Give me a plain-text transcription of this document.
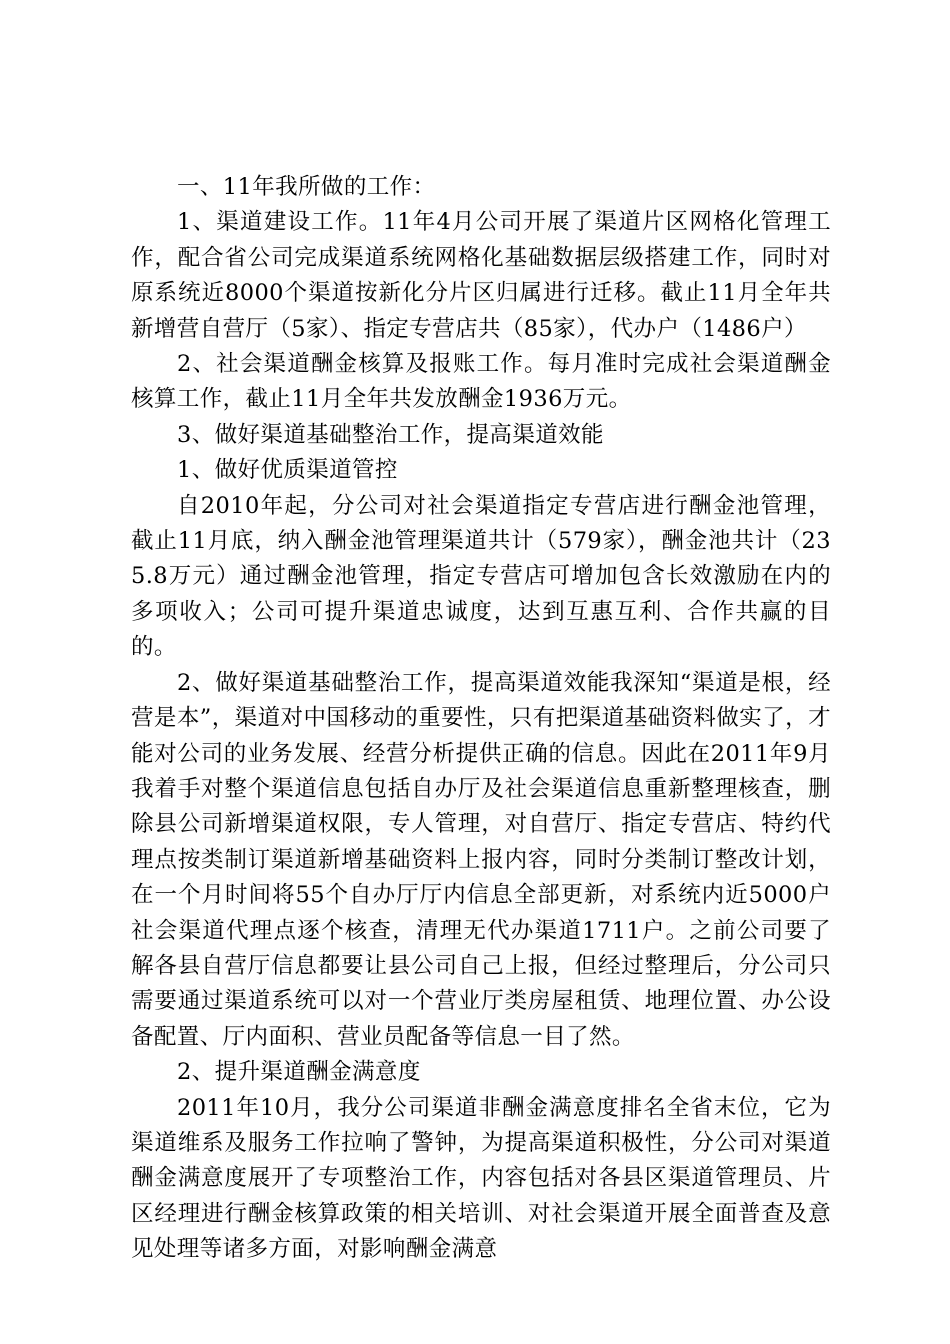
一、11年我所做的工作：

1、渠道建设工作。11年4月公司开展了渠道片区网格化管理工作，配合省公司完成渠道系统网格化基础数据层级搭建工作，同时对原系统近8000个渠道按新化分片区归属进行迁移。截止11月全年共新增营自营厅（5家）、指定专营店共（85家），代办户（1486户）

2、社会渠道酬金核算及报账工作。每月准时完成社会渠道酬金核算工作，截止11月全年共发放酬金1936万元。

3、做好渠道基础整治工作，提高渠道效能

1、做好优质渠道管控

自2010年起，分公司对社会渠道指定专营店进行酬金池管理，截止11月底，纳入酬金池管理渠道共计（579家），酬金池共计（235.8万元）通过酬金池管理，指定专营店可增加包含长效激励在内的多项收入；公司可提升渠道忠诚度，达到互惠互利、合作共赢的目的。

2、做好渠道基础整治工作，提高渠道效能我深知“渠道是根，经营是本”，渠道对中国移动的重要性，只有把渠道基础资料做实了，才能对公司的业务发展、经营分析提供正确的信息。因此在2011年9月我着手对整个渠道信息包括自办厅及社会渠道信息重新整理核查，删除县公司新增渠道权限，专人管理，对自营厅、指定专营店、特约代理点按类制订渠道新增基础资料上报内容，同时分类制订整改计划，在一个月时间将55个自办厅厅内信息全部更新，对系统内近5000户社会渠道代理点逐个核查，清理无代办渠道1711户。之前公司要了解各县自营厅信息都要让县公司自己上报，但经过整理后，分公司只需要通过渠道系统可以对一个营业厅类房屋租赁、地理位置、办公设备配置、厅内面积、营业员配备等信息一目了然。

2、提升渠道酬金满意度

2011年10月，我分公司渠道非酬金满意度排名全省末位，它为渠道维系及服务工作拉响了警钟，为提高渠道积极性，分公司对渠道酬金满意度展开了专项整治工作，内容包括对各县区渠道管理员、片区经理进行酬金核算政策的相关培训、对社会渠道开展全面普查及意见处理等诸多方面，对影响酬金满意
